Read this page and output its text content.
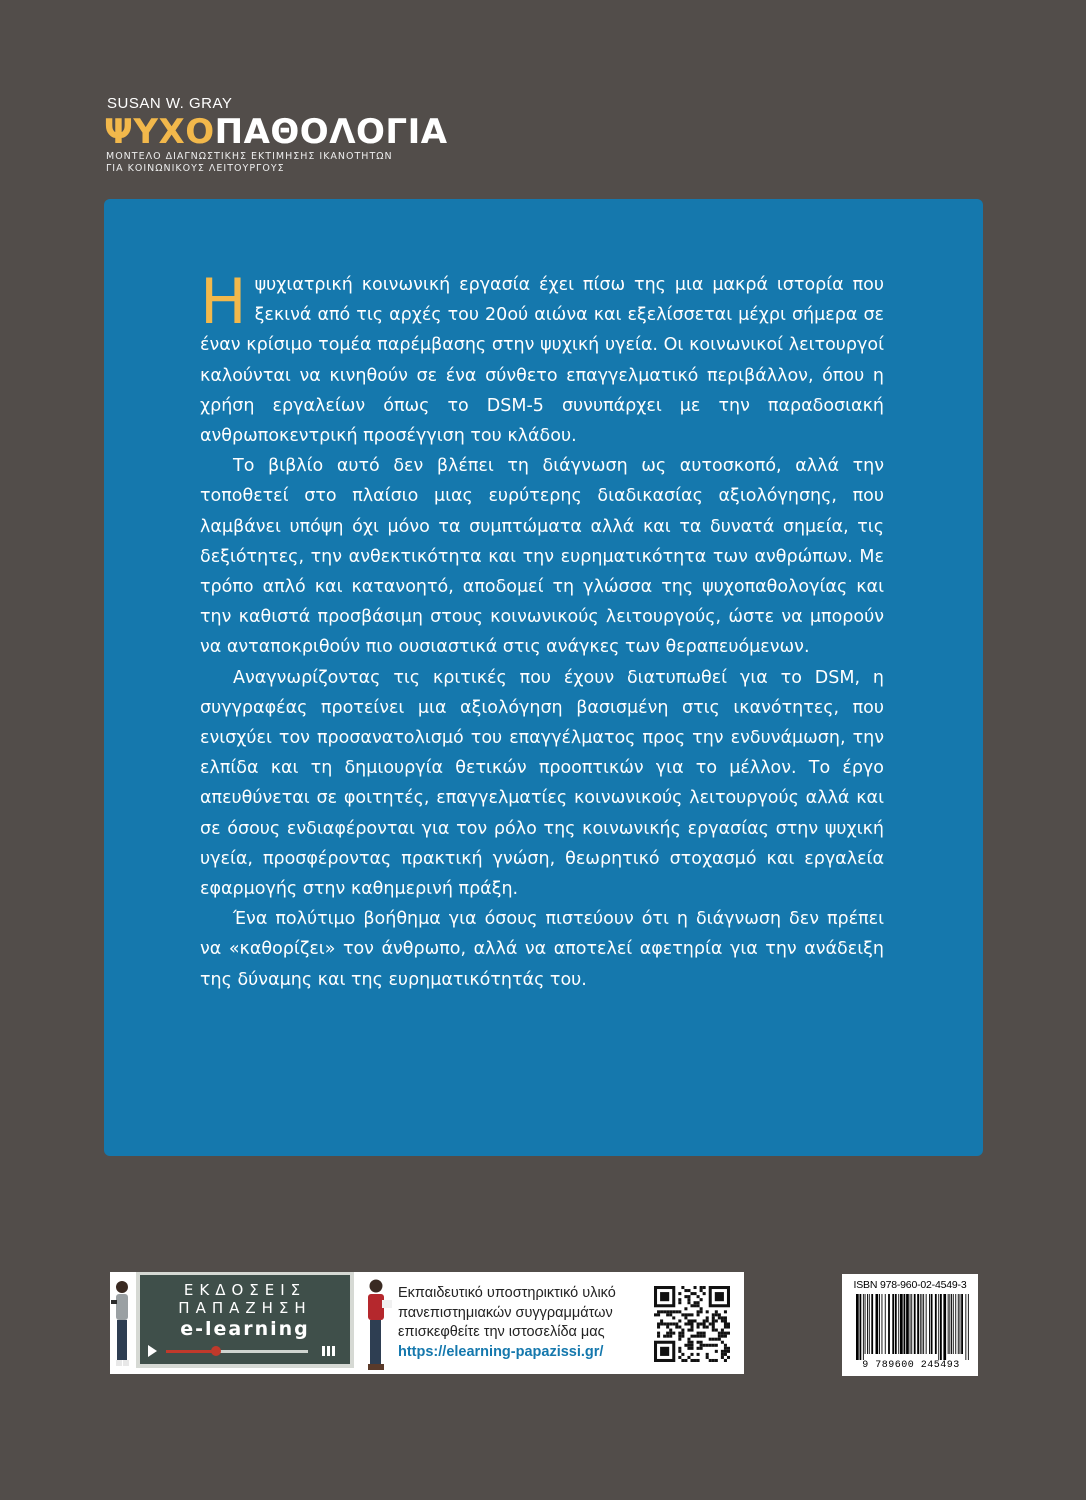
SUSAN W. GRAY
ΨΥΧΟΠΑΘΟΛΟΓΙΑ
ΜΟΝΤΕΛΟ ΔΙΑΓΝΩΣΤΙΚΗΣ ΕΚΤΙΜΗΣΗΣ ΙΚΑΝΟΤΗΤΩΝ
ΓΙΑ ΚΟΙΝΩΝΙΚΟΥΣ ΛΕΙΤΟΥΡΓΟΥΣ

Ηψυχιατρική κοινωνική εργασία έχει πίσω της μια μακρά ιστορία που ξεκινά από τις αρχές του 20ού αιώνα και εξελίσσεται μέχρι σήμερα σε έναν κρίσιμο τομέα παρέμβασης στην ψυχική υγεία. Οι κοινωνικοί λειτουργοί καλούνται να κινηθούν σε ένα σύνθετο επαγγελματικό περιβάλλον, όπου η χρήση εργαλείων όπως το DSM-5 συνυπάρχει με την παραδοσιακή ανθρωποκεντρική προσέγγιση του κλάδου.

Το βιβλίο αυτό δεν βλέπει τη διάγνωση ως αυτοσκοπό, αλλά την τοποθετεί στο πλαίσιο μιας ευρύτερης διαδικασίας αξιολόγησης, που λαμβάνει υπόψη όχι μόνο τα συμπτώματα αλλά και τα δυνατά σημεία, τις δεξιότητες, την ανθεκτικότητα και την ευρηματικότητα των ανθρώπων. Με τρόπο απλό και κατανοητό, αποδομεί τη γλώσσα της ψυχοπαθολογίας και την καθιστά προσβάσιμη στους κοινωνικούς λειτουργούς, ώστε να μπορούν να ανταποκριθούν πιο ουσιαστικά στις ανάγκες των θεραπευόμενων.

Αναγνωρίζοντας τις κριτικές που έχουν διατυπωθεί για το DSM, η συγγραφέας προτείνει μια αξιολόγηση βασισμένη στις ικανότητες, που ενισχύει τον προσανατολισμό του επαγγέλματος προς την ενδυνάμωση, την ελπίδα και τη δημιουργία θετικών προοπτικών για το μέλλον. Το έργο απευθύνεται σε φοιτητές, επαγγελματίες κοινωνικούς λειτουργούς αλλά και σε όσους ενδιαφέρονται για τον ρόλο της κοινωνικής εργασίας στην ψυχική υγεία, προσφέροντας πρακτική γνώση, θεωρητικό στοχασμό και εργαλεία εφαρμογής στην καθημερινή πράξη.

Ένα πολύτιμο βοήθημα για όσους πιστεύουν ότι η διάγνωση δεν πρέπει να «καθορίζει» τον άνθρωπο, αλλά να αποτελεί αφετηρία για την ανάδειξη της δύναμης και της ευρηματικότητάς του.

ΕΚΔΟΣΕΙΣ
ΠΑΠΑΖΗΣΗ
e-learning
Εκπαιδευτικό υποστηρικτικό υλικό
πανεπιστημιακών συγγραμμάτων
επισκεφθείτε την ιστοσελίδα μας
https://elearning-papazissi.gr/
ISBN 978-960-02-4549-3
9 789600 245493
